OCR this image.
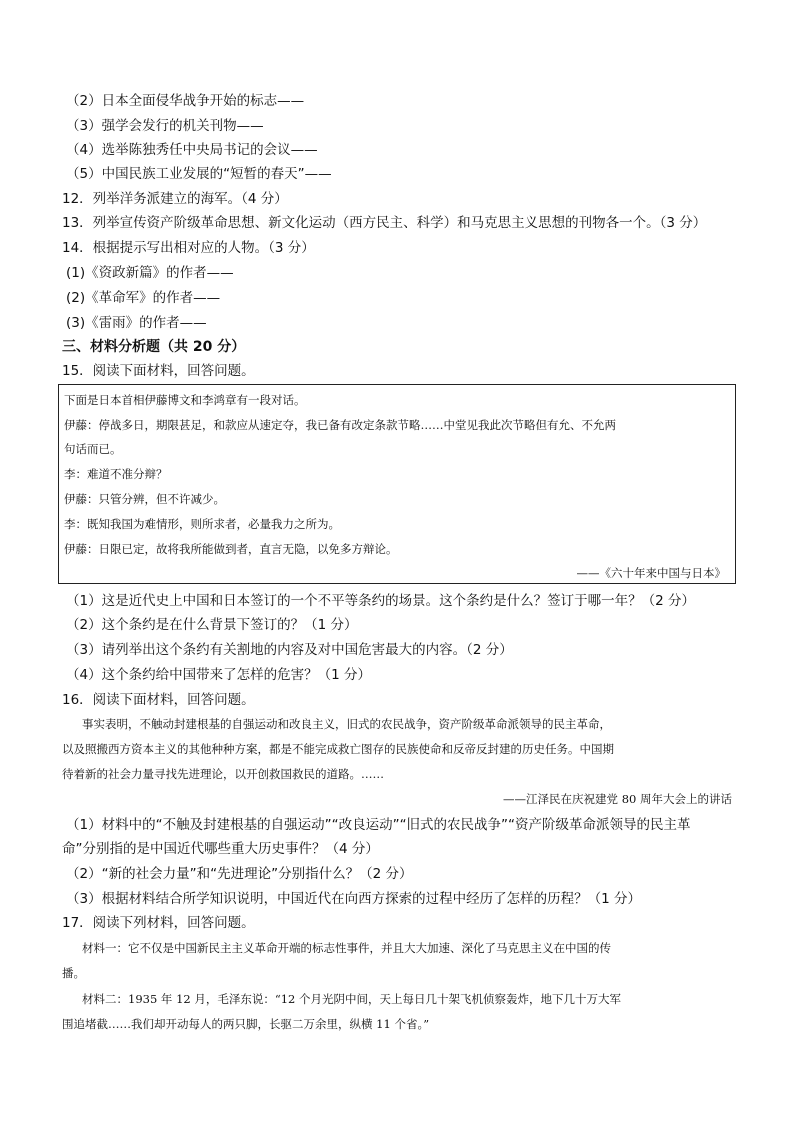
（2）日本全面侵华战争开始的标志——
（3）强学会发行的机关刊物——
（4）选举陈独秀任中央局书记的会议——
（5）中国民族工业发展的“短暂的春天”——
12．列举洋务派建立的海军。（4 分）
13．列举宣传资产阶级革命思想、新文化运动（西方民主、科学）和马克思主义思想的刊物各一个。（3 分）
14．根据提示写出相对应的人物。（3 分）
(1)《资政新篇》的作者——
(2)《革命军》的作者——
(3)《雷雨》的作者——
三、材料分析题（共 20 分）
15．阅读下面材料，回答问题。
下面是日本首相伊藤博文和李鸿章有一段对话。
伊藤：停战多日，期限甚足，和款应从速定夺，我已备有改定条款节略……中堂见我此次节略但有允、不允两
句话而已。
李：难道不准分辩？
伊藤：只管分辨，但不许减少。
李：既知我国为难情形，则所求者，必量我力之所为。
伊藤：日限已定，故将我所能做到者，直言无隐，以免多方辩论。
——《六十年来中国与日本》
（1）这是近代史上中国和日本签订的一个不平等条约的场景。这个条约是什么？签订于哪一年？（2 分）
（2）这个条约是在什么背景下签订的？（1 分）
（3）请列举出这个条约有关割地的内容及对中国危害最大的内容。（2 分）
（4）这个条约给中国带来了怎样的危害？（1 分）
16．阅读下面材料，回答问题。
事实表明，不触动封建根基的自强运动和改良主义，旧式的农民战争，资产阶级革命派领导的民主革命，
以及照搬西方资本主义的其他种种方案，都是不能完成救亡图存的民族使命和反帝反封建的历史任务。中国期
待着新的社会力量寻找先进理论，以开创救国救民的道路。……
——江泽民在庆祝建党 80 周年大会上的讲话
（1）材料中的“不触及封建根基的自强运动”“改良运动”“旧式的农民战争”“资产阶级革命派领导的民主革
命”分别指的是中国近代哪些重大历史事件？（4 分）
（2）“新的社会力量”和“先进理论”分别指什么？（2 分）
（3）根据材料结合所学知识说明，中国近代在向西方探索的过程中经历了怎样的历程？（1 分）
17．阅读下列材料，回答问题。
材料一：它不仅是中国新民主主义革命开端的标志性事件，并且大大加速、深化了马克思主义在中国的传
播。
材料二：1935 年 12 月，毛泽东说：“12 个月光阴中间，天上每日几十架飞机侦察轰炸，地下几十万大军
围追堵截……我们却开动每人的两只脚，长驱二万余里，纵横 11 个省。”
